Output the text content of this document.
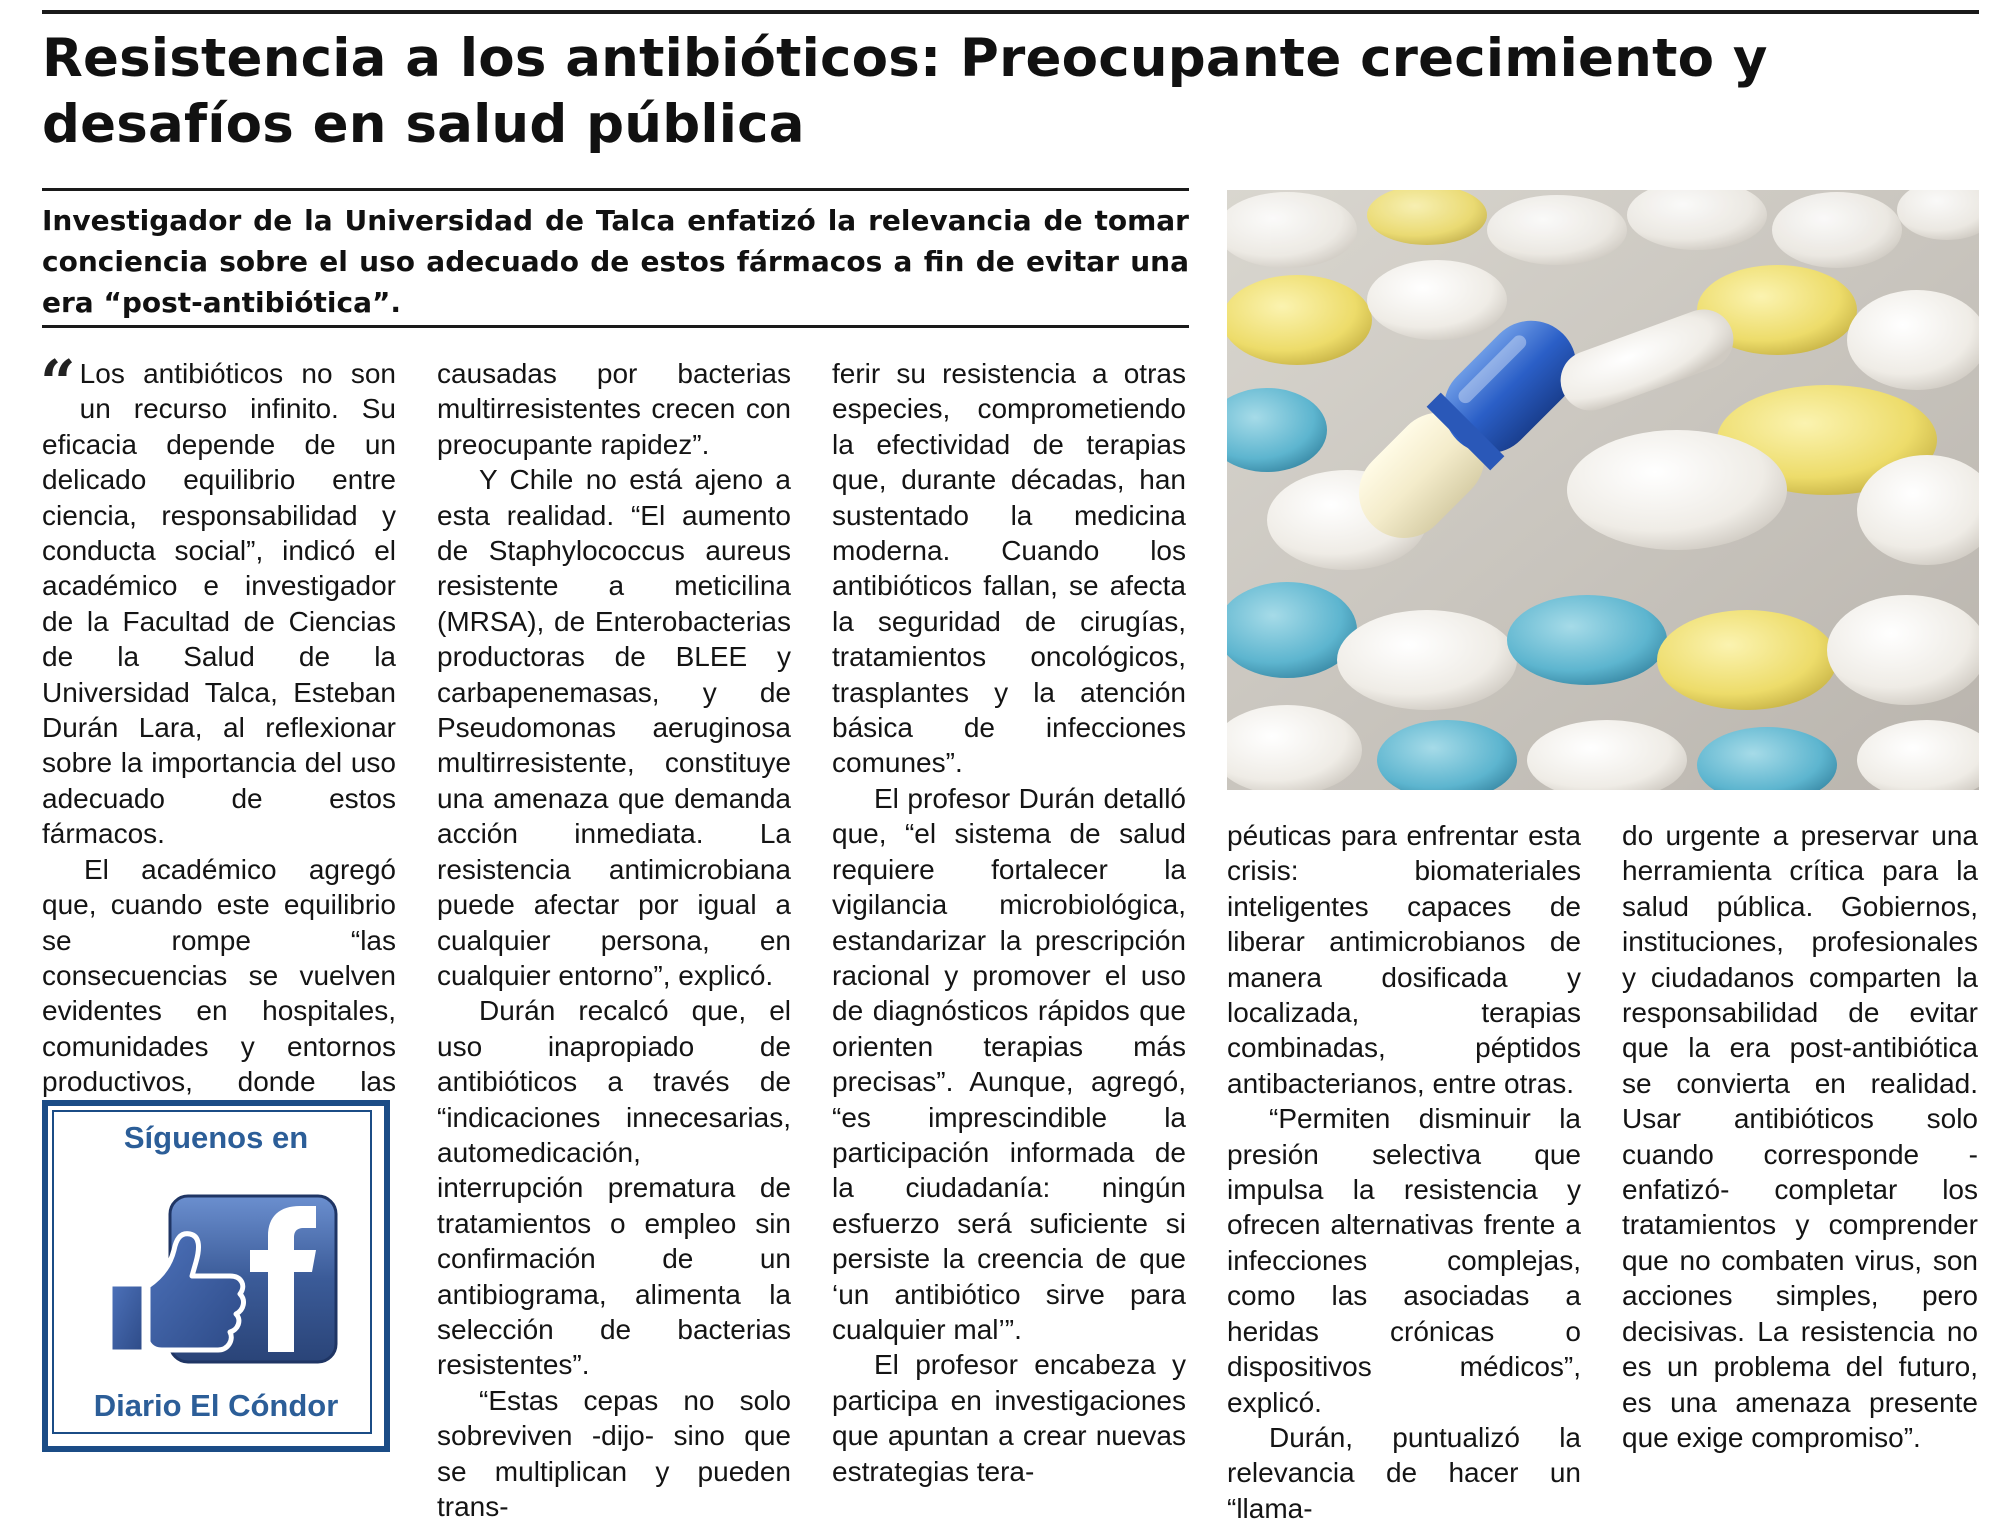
Resistencia a los antibióticos: Preocupante crecimiento y desafíos en salud pública

Investigador de la Universidad de Talca enfatizó la relevancia de tomar conciencia sobre el uso adecuado de estos fármacos a fin de evitar una era “post-antibiótica”.

“ Los antibióticos no son un recurso infinito. Su eficacia depende de un delicado equilibrio entre ciencia, responsabilidad y conducta social”, indicó el académico e investigador de la Facultad de Ciencias de la Salud de la Universidad Talca, Esteban Durán Lara, al reflexionar sobre la importancia del uso adecuado de estos fármacos.

El académico agregó que, cuando este equilibrio se rompe “las consecuencias se vuelven evidentes en hospitales, comunidades y entornos productivos, donde las

causadas por bacterias multirresistentes crecen con preocupante rapidez”.

Y Chile no está ajeno a esta realidad. “El aumento de Staphylococcus aureus resistente a meticilina (MRSA), de Enterobacterias productoras de BLEE y carbapenemasas, y de Pseudomonas aeruginosa multirresistente, constituye una amenaza que demanda acción inmediata. La resistencia antimicrobiana puede afectar por igual a cualquier persona, en cualquier entorno”, explicó.

Durán recalcó que, el uso inapropiado de antibióticos a través de “indicaciones innecesarias, automedicación, interrupción prematura de tratamientos o empleo sin confirmación de un antibiograma, alimenta la selección de bacterias resistentes”.

“Estas cepas no solo sobreviven -dijo- sino que se multiplican y pueden trans-

ferir su resistencia a otras especies, comprometiendo la efectividad de terapias que, durante décadas, han sustentado la medicina moderna. Cuando los antibióticos fallan, se afecta la seguridad de cirugías, tratamientos oncológicos, trasplantes y la atención básica de infecciones comunes”.

El profesor Durán detalló que, “el sistema de salud requiere fortalecer la vigilancia microbiológica, estandarizar la prescripción racional y promover el uso de diagnósticos rápidos que orienten terapias más precisas”. Aunque, agregó, “es imprescindible la participación informada de la ciudadanía: ningún esfuerzo será suficiente si persiste la creencia de que ‘un antibiótico sirve para cualquier mal’”.

El profesor encabeza y participa en investigaciones que apuntan a crear nuevas estrategias tera-

péuticas para enfrentar esta crisis: biomateriales inteligentes capaces de liberar antimicrobianos de manera dosificada y localizada, terapias combinadas, péptidos antibacterianos, entre otras.

“Permiten disminuir la presión selectiva que impulsa la resistencia y ofrecen alternativas frente a infecciones complejas, como las asociadas a heridas crónicas o dispositivos médicos”, explicó.

Durán, puntualizó la relevancia de hacer un “llama-

do urgente a preservar una herramienta crítica para la salud pública. Gobiernos, instituciones, profesionales y ciudadanos comparten la responsabilidad de evitar que la era post-antibiótica se convierta en realidad. Usar antibióticos solo cuando corresponde -enfatizó- completar los tratamientos y comprender que no combaten virus, son acciones simples, pero decisivas. La resistencia no es un problema del futuro, es una amenaza presente que exige compromiso”.

Síguenos en
Diario El Cóndor
